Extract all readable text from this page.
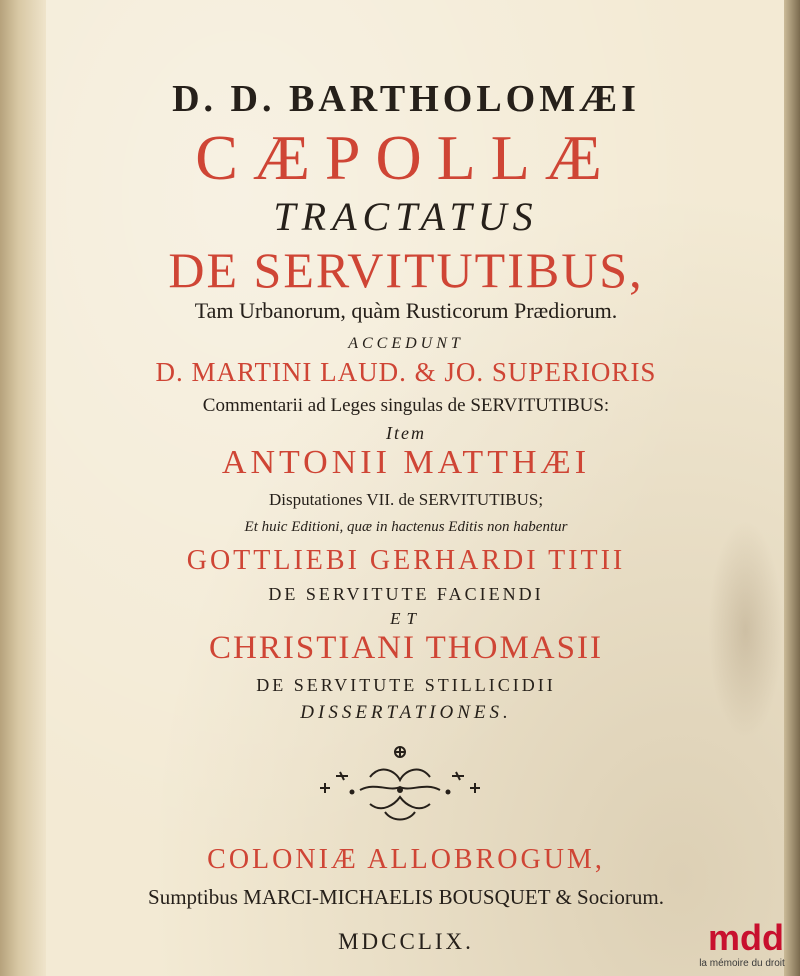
D. D. BARTHOLOMÆI
CÆPOLLÆ
TRACTATUS
DE SERVITUTIBUS,
Tam Urbanorum, quàm Rusticorum Prædiorum.
ACCEDUNT
D. MARTINI LAUD. & JO. SUPERIORIS
Commentarii ad Leges singulas de SERVITUTIBUS:
Item
ANTONII MATTHÆI
Disputationes VII. de SERVITUTIBUS;
Et huic Editioni, quæ in hactenus Editis non habentur
GOTTLIEBI GERHARDI TITII
DE SERVITUTE FACIENDI
ET
CHRISTIANI THOMASII
DE SERVITUTE STILLICIDII
DISSERTATIONES.
COLONIÆ ALLOBROGUM,
Sumptibus MARCI-MICHAELIS BOUSQUET & Sociorum.
MDCCLIX.	mdd
la mémoire du droit
